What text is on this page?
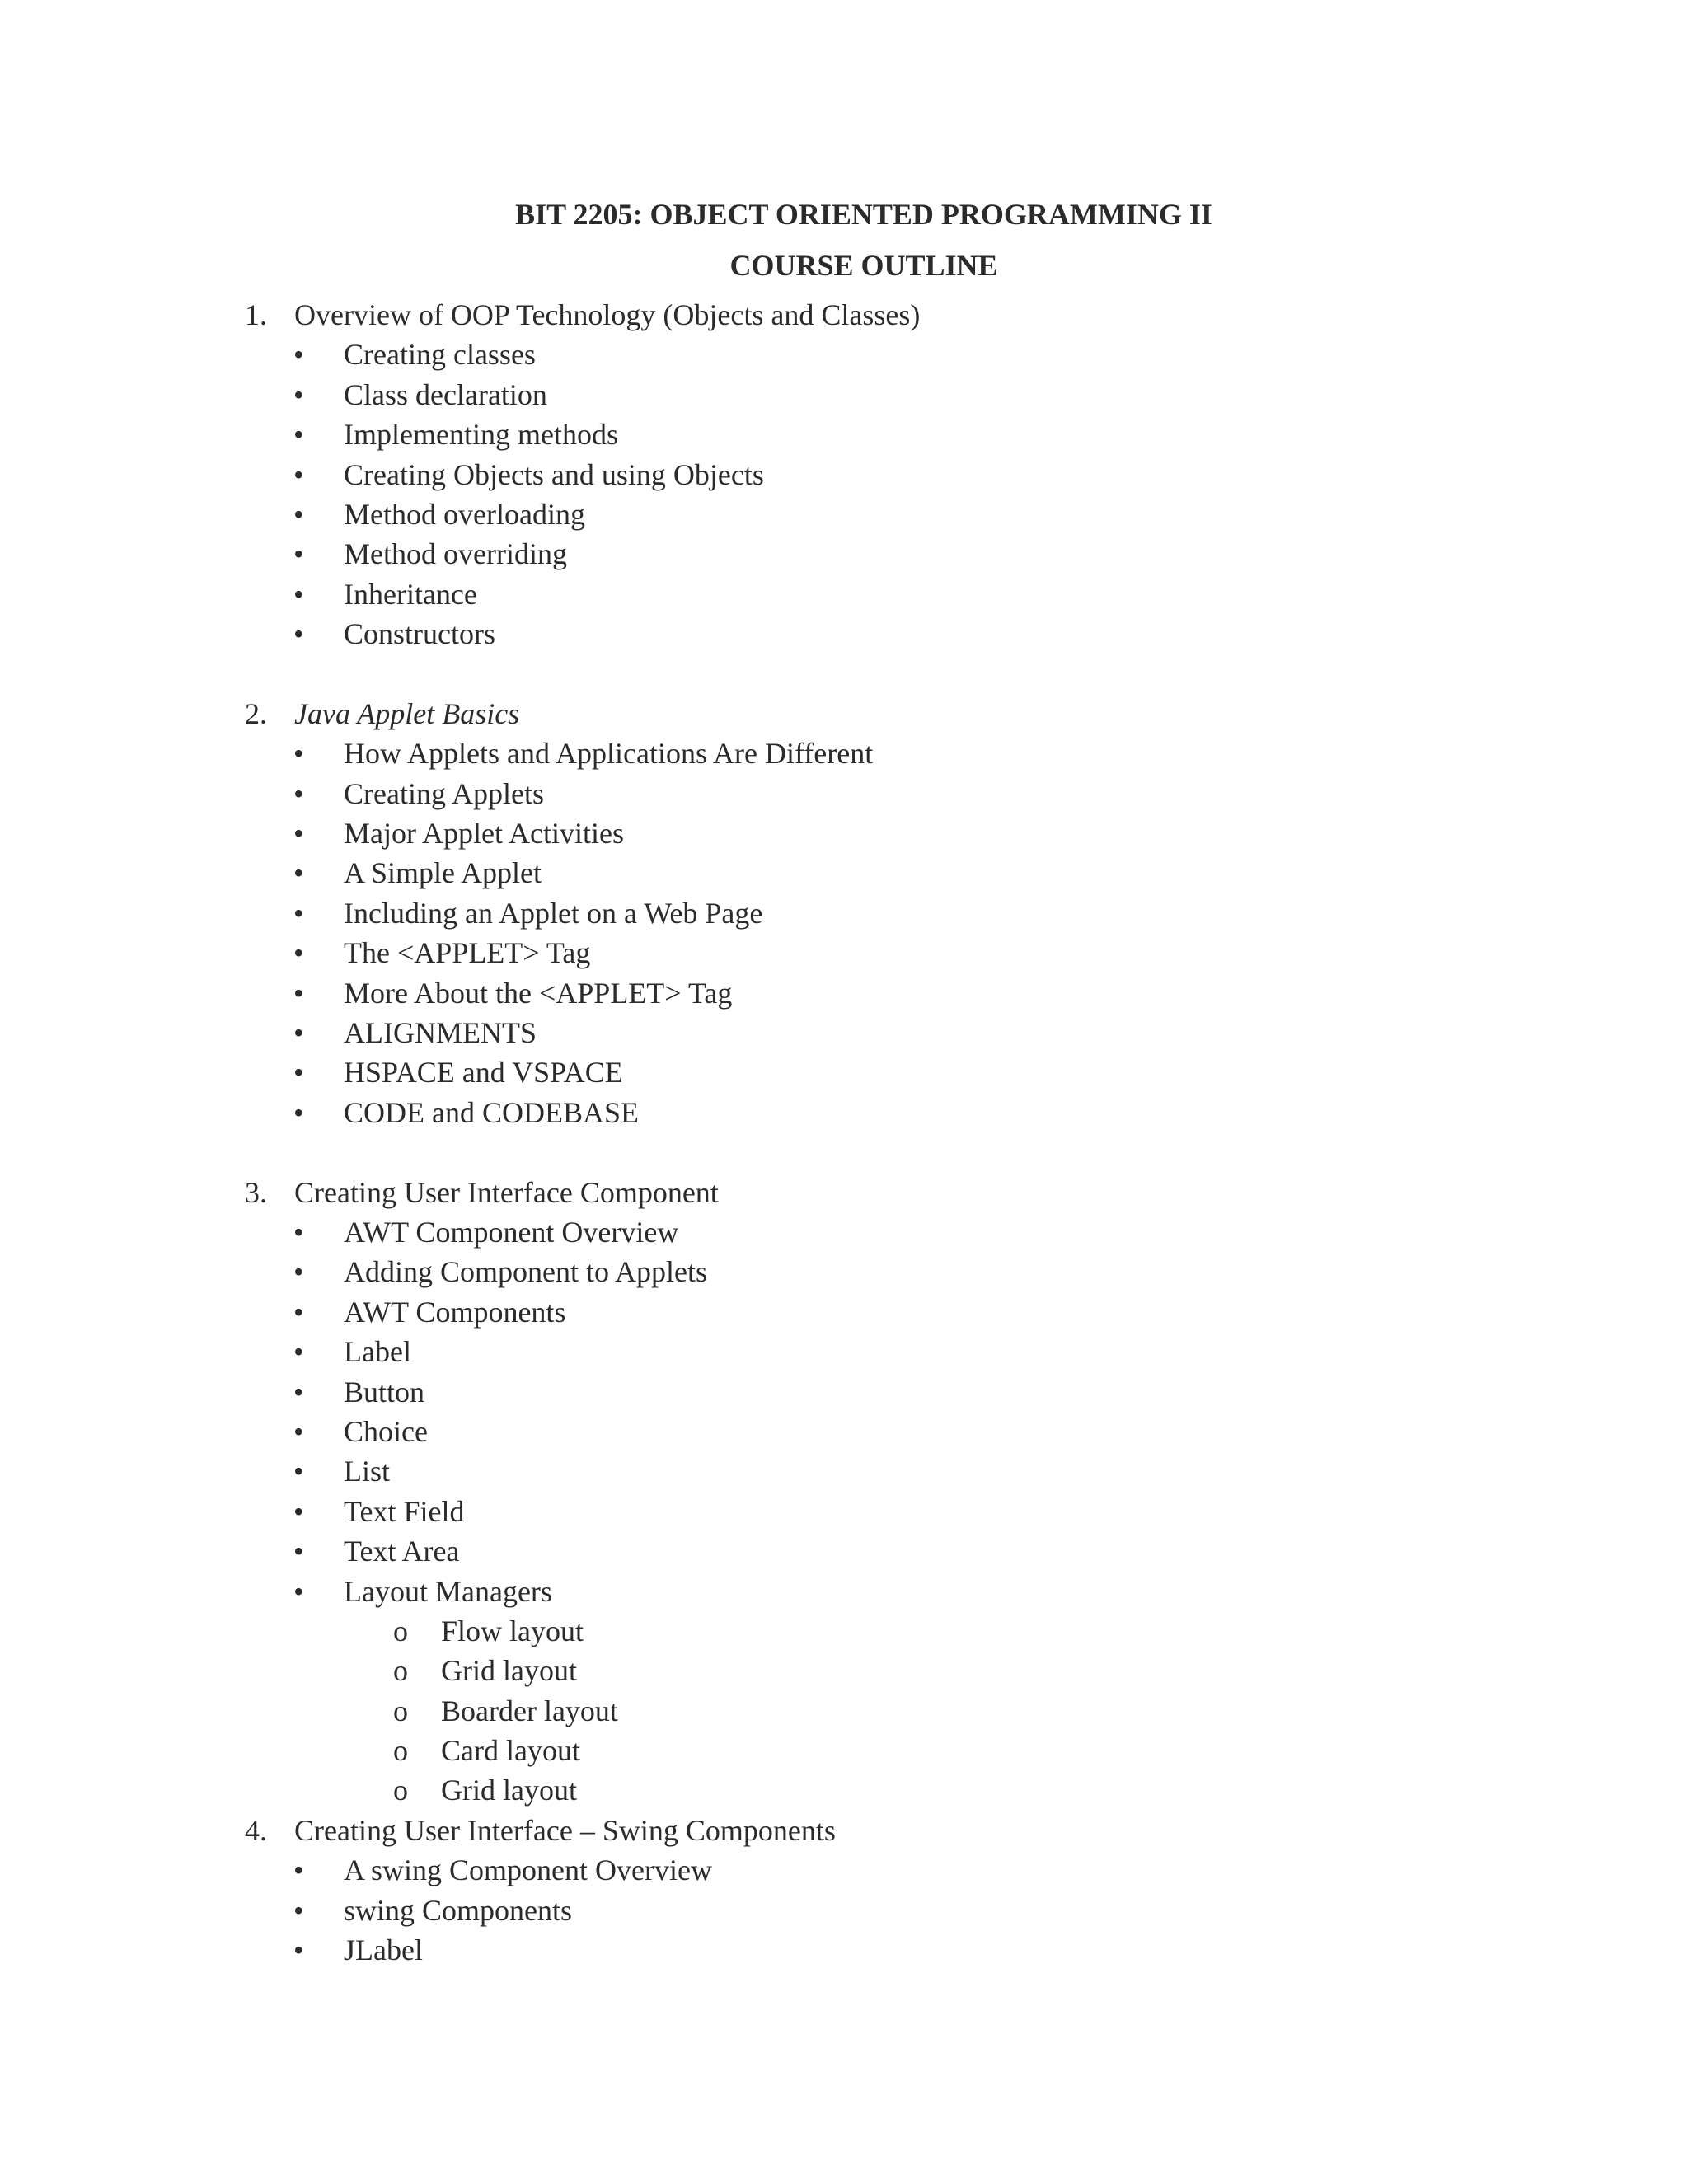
BIT 2205: OBJECT ORIENTED PROGRAMMING II
COURSE OUTLINE
1. Overview of OOP Technology (Objects and Classes)
• Creating classes
• Class declaration
• Implementing methods
• Creating Objects and using Objects
• Method overloading
• Method overriding
• Inheritance
• Constructors
2. Java Applet Basics
• How Applets and Applications Are Different
• Creating Applets
• Major Applet Activities
• A Simple Applet
• Including an Applet on a Web Page
• The <APPLET> Tag
• More About the <APPLET> Tag
• ALIGNMENTS
• HSPACE and VSPACE
• CODE and CODEBASE
3. Creating User Interface Component
• AWT Component Overview
• Adding Component to Applets
• AWT Components
• Label
• Button
• Choice
• List
• Text Field
• Text Area
• Layout Managers
o Flow layout
o Grid layout
o Boarder layout
o Card layout
o Grid layout
4. Creating User Interface – Swing Components
• A swing Component Overview
• swing Components
• JLabel
